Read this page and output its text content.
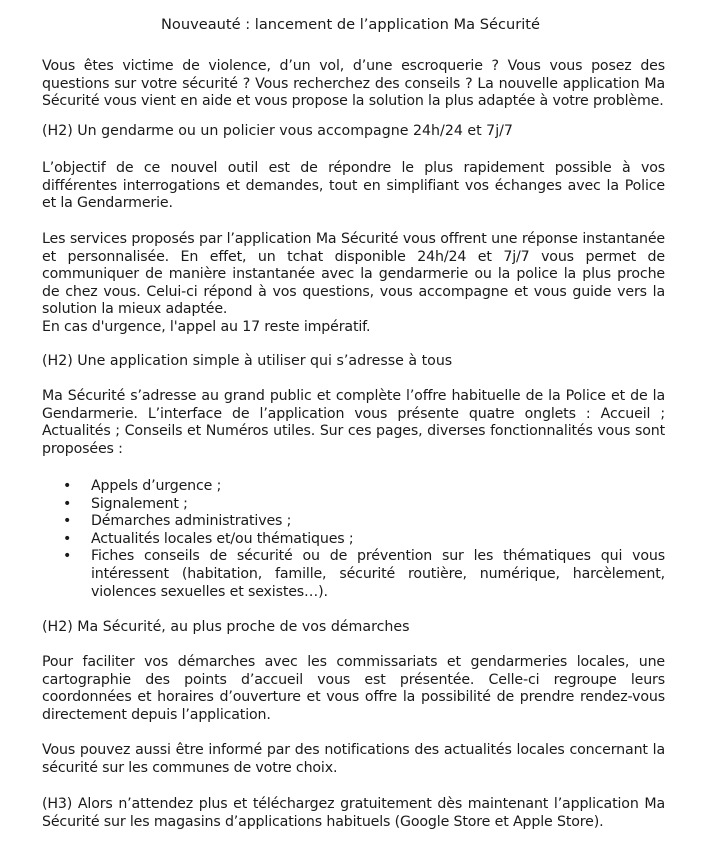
Nouveauté : lancement de l’application Ma Sécurité

Vous êtes victime de violence, d’un vol, d’une escroquerie ? Vous vous posez des questions sur votre sécurité ? Vous recherchez des conseils ? La nouvelle application Ma Sécurité vous vient en aide et vous propose la solution la plus adaptée à votre problème.

(H2) Un gendarme ou un policier vous accompagne 24h/24 et 7j/7

L’objectif de ce nouvel outil est de répondre le plus rapidement possible à vos différentes interrogations et demandes, tout en simplifiant vos échanges avec la Police et la Gendarmerie.

Les services proposés par l’application Ma Sécurité vous offrent une réponse instantanée et personnalisée. En effet, un tchat disponible 24h/24 et 7j/7 vous permet de communiquer de manière instantanée avec la gendarmerie ou la police la plus proche de chez vous. Celui-ci répond à vos questions, vous accompagne et vous guide vers la solution la mieux adaptée.

En cas d'urgence, l'appel au 17 reste impératif.

(H2) Une application simple à utiliser qui s’adresse à tous

Ma Sécurité s’adresse au grand public et complète l’offre habituelle de la Police et de la Gendarmerie. L’interface de l’application vous présente quatre onglets : Accueil ; Actualités ; Conseils et Numéros utiles. Sur ces pages, diverses fonctionnalités vous sont proposées :

• Appels d’urgence ;
• Signalement ;
• Démarches administratives ;
• Actualités locales et/ou thématiques ;
• Fiches conseils de sécurité ou de prévention sur les thématiques qui vous intéressent (habitation, famille, sécurité routière, numérique, harcèlement, violences sexuelles et sexistes…).

(H2) Ma Sécurité, au plus proche de vos démarches

Pour faciliter vos démarches avec les commissariats et gendarmeries locales, une cartographie des points d’accueil vous est présentée. Celle-ci regroupe leurs coordonnées et horaires d’ouverture et vous offre la possibilité de prendre rendez-vous directement depuis l’application.

Vous pouvez aussi être informé par des notifications des actualités locales concernant la sécurité sur les communes de votre choix.

(H3) Alors n’attendez plus et téléchargez gratuitement dès maintenant l’application Ma Sécurité sur les magasins d’applications habituels (Google Store et Apple Store).
